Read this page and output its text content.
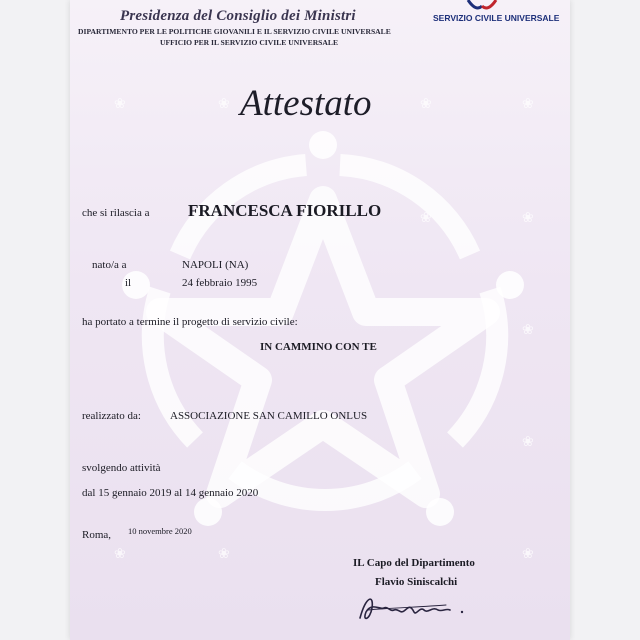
❀	❀	❀	❀
❀
❀
❀
❀
❀	❀
❀
Presidenza del Consiglio dei Ministri
DIPARTIMENTO PER LE POLITICHE GIOVANILI E IL SERVIZIO CIVILE UNIVERSALE
UFFICIO PER IL SERVIZIO CIVILE UNIVERSALE
SERVIZIO CIVILE UNIVERSALE
Attestato
che si rilascia a FRANCESCA FIORILLO
nato/a a	NAPOLI (NA)
il	24 febbraio 1995
ha portato a termine il progetto di servizio civile:
IN CAMMINO CON TE
realizzato da:	ASSOCIAZIONE SAN CAMILLO ONLUS
svolgendo attività
dal 15 gennaio 2019 al 14 gennaio 2020
Roma, 10 novembre 2020
IL Capo del Dipartimento
Flavio Siniscalchi
